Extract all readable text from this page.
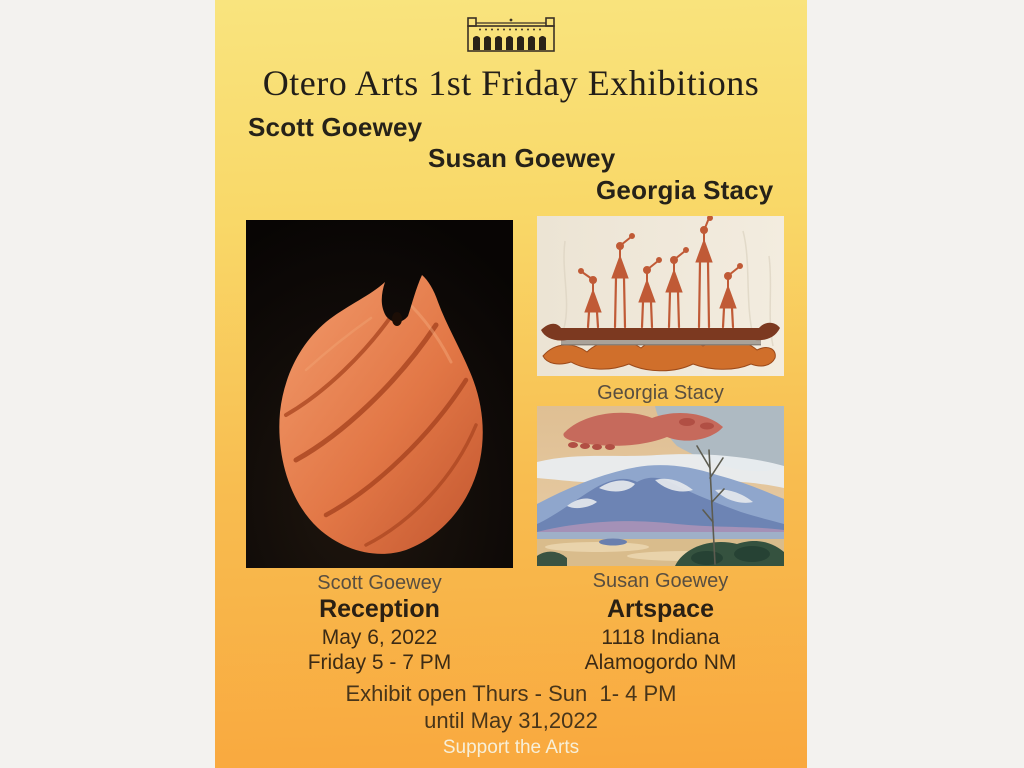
Otero Arts 1st Friday Exhibitions
Scott Goewey
Susan Goewey
Georgia Stacy
Georgia Stacy
Scott Goewey	Susan Goewey
Reception
May 6, 2022
Friday 5 - 7 PM
Artspace
1118 Indiana
Alamogordo NM
Exhibit open Thurs - Sun  1- 4 PM
until May 31,2022
Support the Arts
